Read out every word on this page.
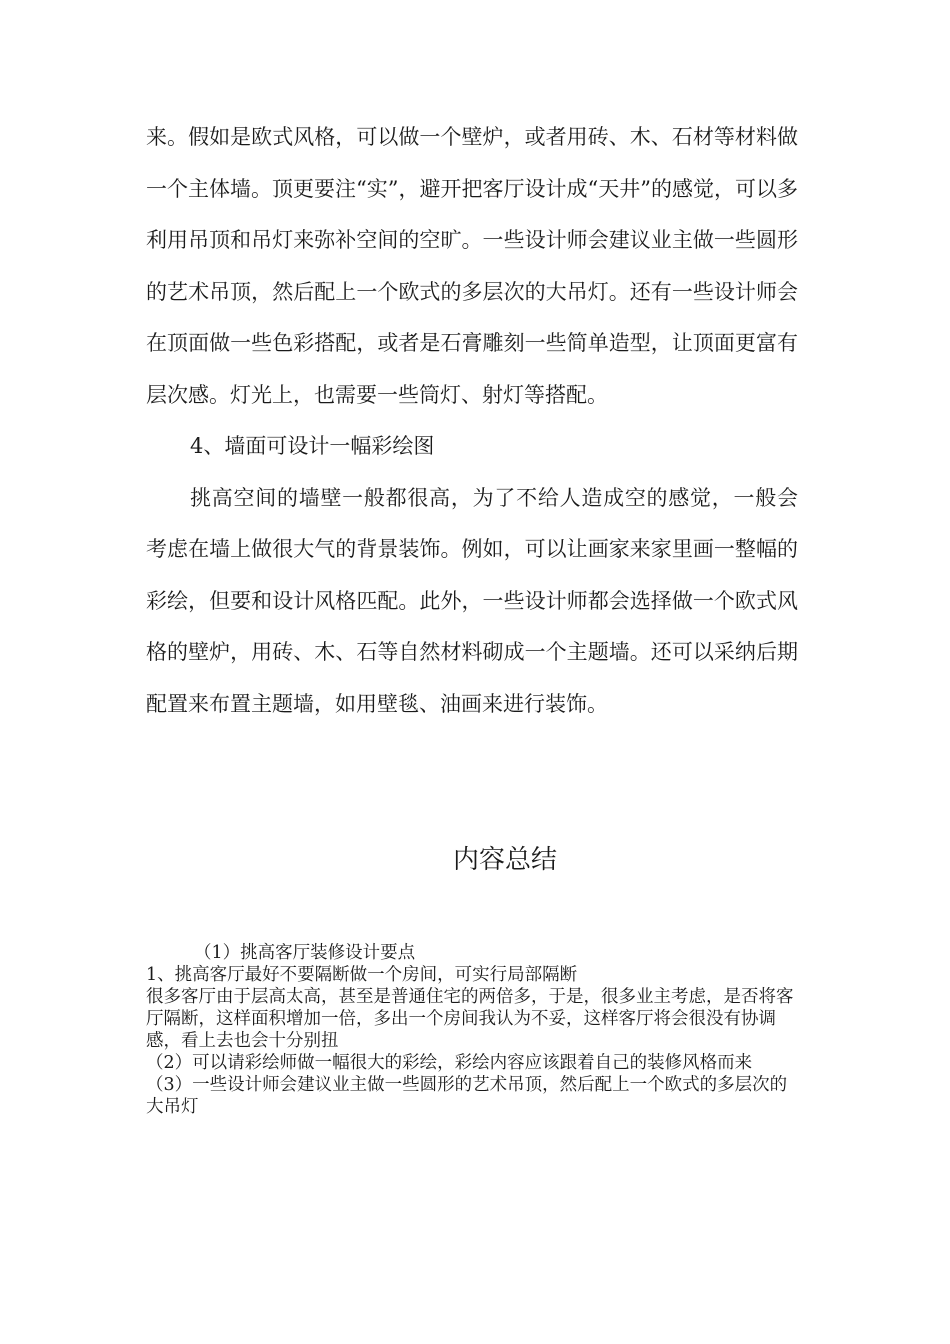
来。假如是欧式风格，可以做一个壁炉，或者用砖、木、石材等材料做一个主体墙。顶更要注“实”，避开把客厅设计成“天井”的感觉，可以多利用吊顶和吊灯来弥补空间的空旷。一些设计师会建议业主做一些圆形的艺术吊顶，然后配上一个欧式的多层次的大吊灯。还有一些设计师会在顶面做一些色彩搭配，或者是石膏雕刻一些简单造型，让顶面更富有层次感。灯光上，也需要一些筒灯、射灯等搭配。

4、墙面可设计一幅彩绘图

挑高空间的墙壁一般都很高，为了不给人造成空的感觉，一般会考虑在墙上做很大气的背景装饰。例如，可以让画家来家里画一整幅的彩绘，但要和设计风格匹配。此外，一些设计师都会选择做一个欧式风格的壁炉，用砖、木、石等自然材料砌成一个主题墙。还可以采纳后期配置来布置主题墙，如用壁毯、油画来进行装饰。

内容总结

（1）挑高客厅装修设计要点

1、挑高客厅最好不要隔断做一个房间，可实行局部隔断

很多客厅由于层高太高，甚至是普通住宅的两倍多，于是，很多业主考虑，是否将客厅隔断，这样面积增加一倍，多出一个房间我认为不妥，这样客厅将会很没有协调感，看上去也会十分别扭

（2）可以请彩绘师做一幅很大的彩绘，彩绘内容应该跟着自己的装修风格而来

（3）一些设计师会建议业主做一些圆形的艺术吊顶，然后配上一个欧式的多层次的大吊灯
